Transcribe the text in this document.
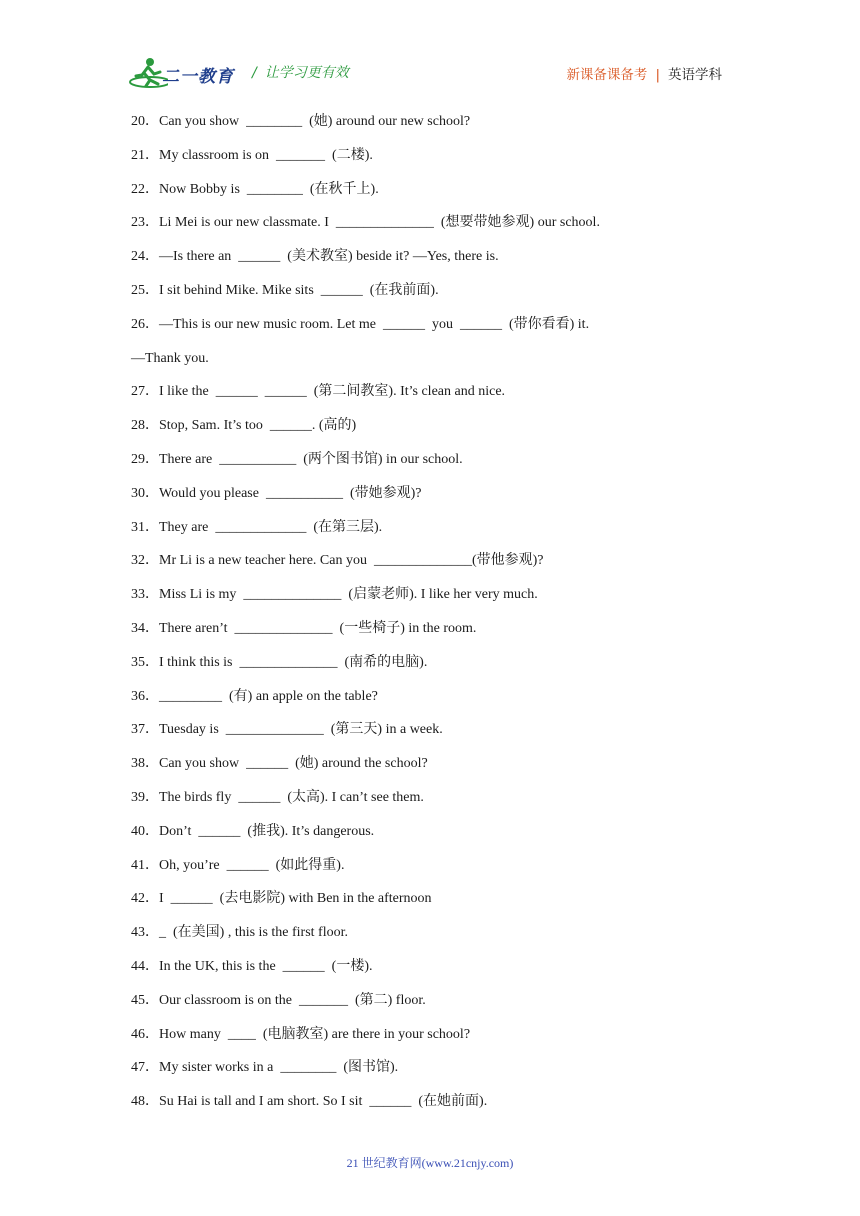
二一教育 / 让学习更有效	新课备课备考 | 英语学科
20．Can you show  ________  (她) around our new school?
21．My classroom is on  _______  (二楼).
22．Now Bobby is  ________  (在秋千上).
23．Li Mei is our new classmate. I  ______________  (想要带她参观) our school.
24．—Is there an  ______  (美术教室) beside it? —Yes, there is.
25．I sit behind Mike. Mike sits  ______  (在我前面).
26．—This is our new music room. Let me  ______  you  ______  (带你看看) it.
—Thank you.
27．I like the  ______  ______  (第二间教室). It’s clean and nice.
28．Stop, Sam. It’s too  ______. (高的)
29．There are  ___________  (两个图书馆) in our school.
30．Would you please  ___________  (带她参观)?
31．They are  _____________  (在第三层).
32．Mr Li is a new teacher here. Can you  ______________(带他参观)?
33．Miss Li is my  ______________  (启蒙老师). I like her very much.
34．There aren’t  ______________  (一些椅子) in the room.
35．I think this is  ______________  (南希的电脑).
36．_________  (有) an apple on the table?
37．Tuesday is  ______________  (第三天) in a week.
38．Can you show  ______  (她) around the school?
39．The birds fly  ______  (太高). I can’t see them.
40．Don’t  ______  (推我). It’s dangerous.
41．Oh, you’re  ______  (如此得重).
42．I  ______  (去电影院) with Ben in the afternoon
43．_  (在美国) , this is the first floor.
44．In the UK, this is the  ______  (一楼).
45．Our classroom is on the  _______  (第二) floor.
46．How many  ____  (电脑教室) are there in your school?
47．My sister works in a  ________  (图书馆).
48．Su Hai is tall and I am short. So I sit  ______  (在她前面).
21 世纪教育网(www.21cnjy.com)
